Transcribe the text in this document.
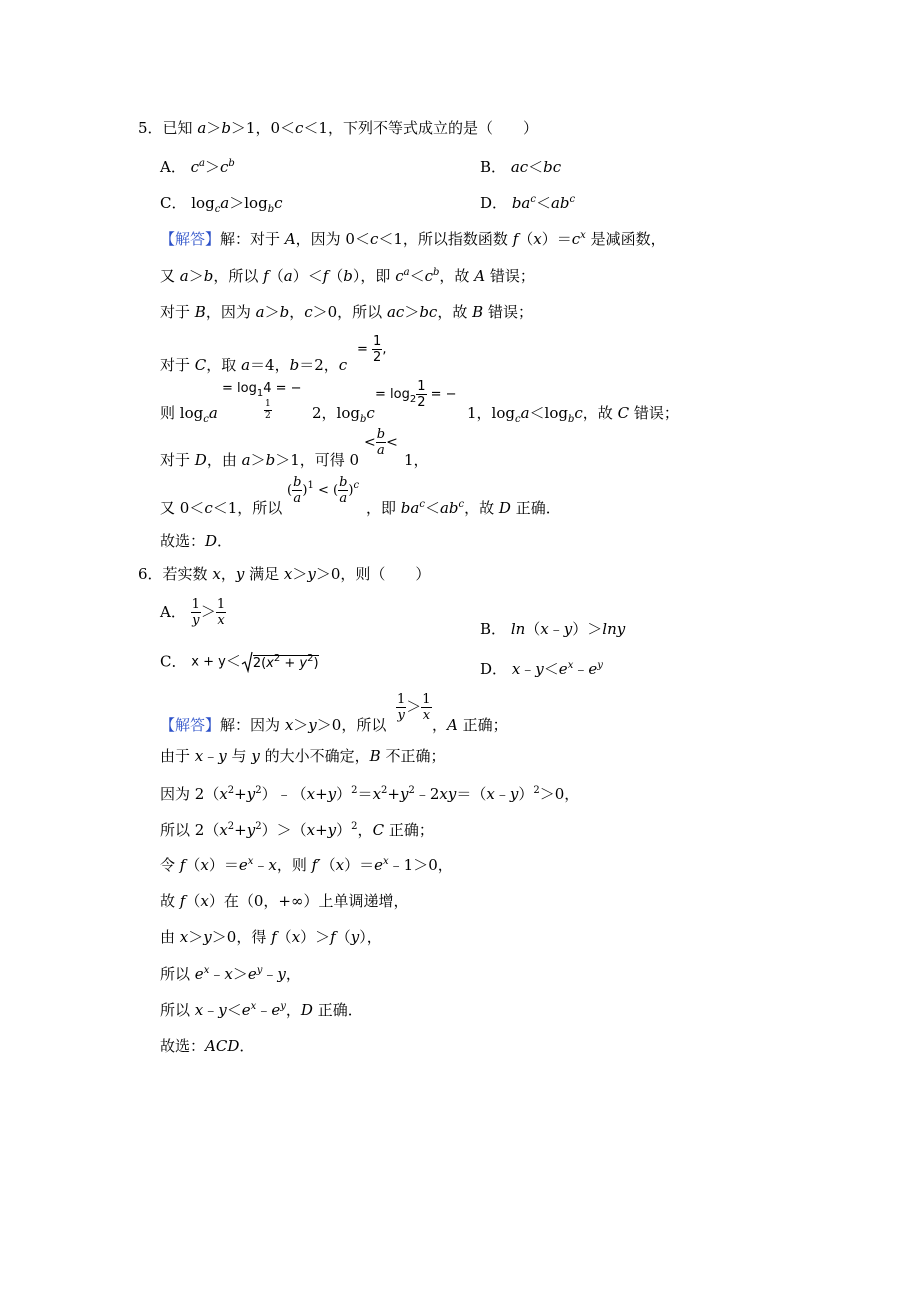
5．已知 a＞b＞1，0＜c＜1，下列不等式成立的是（　　）
A． $c^a>c^b$	B． ac＜bc
C． $\log_ca>\log_bc$	D． $ba^c<ab^c$
【解答】解：对于 A，因为 0＜c＜1，所以指数函数 $f(x)=c^x$ 是减函数，
又 a＞b，所以 f（a）＜f（b），即 $c^a<c^b$，故 A 错误；
对于 B，因为 a＞b，c＞0，所以 ac＞bc，故 B 错误；
对于 C，取 a＝4，b＝2，c
= $\frac{1}{2}$ ,
则 $\log_ca$
= $\log_14$ = −
$\frac{1}{2}$	2，$\log_bc$
= $\log_2 \frac{1}{2}$ = −
1，$\log_ca<\log_bc$，故 C 错误；
对于 D，由 a＞b＞1，可得 0
< $\frac{b}{a}$ <
1，
又 0＜c＜1，所以
( $\frac{b}{a} )^1$ < ( $\frac{b}{a} )^c$
，即 $ba^c<ab^c$，故 D 正确．
故选：D．
6．若实数 x，y 满足 x＞y＞0，则（　　）
A． $\frac{1}{y} > \frac{1}{x}$
B． ln（x﹣y）＞lny
C． $x + y< 2(x^2 + y^2)$	D． $x﹣y<e^x﹣e^y$
【解答】解：因为 x＞y＞0，所以
$\frac{1}{y} > \frac{1}{x}$
，A 正确；
由于 x﹣y 与 y 的大小不确定，B 不正确；
因为 $2(x^2+y^2)﹣(x+y)^2=x^2+y^2﹣2xy=(x﹣y)^2>0$，
所以 $2(x^2+y^2)>(x+y)^2$，C 正确；
令 $f(x)=e^x﹣x$，则 $f'(x)=e^x﹣1>0$，
故 f（x）在（0，+∞）上单调递增，
由 x＞y＞0，得 f（x）＞f（y），
所以 $e^x﹣x>e^y﹣y$，
所以 $x﹣y<e^x﹣e^y$，D 正确．
故选：ACD．
